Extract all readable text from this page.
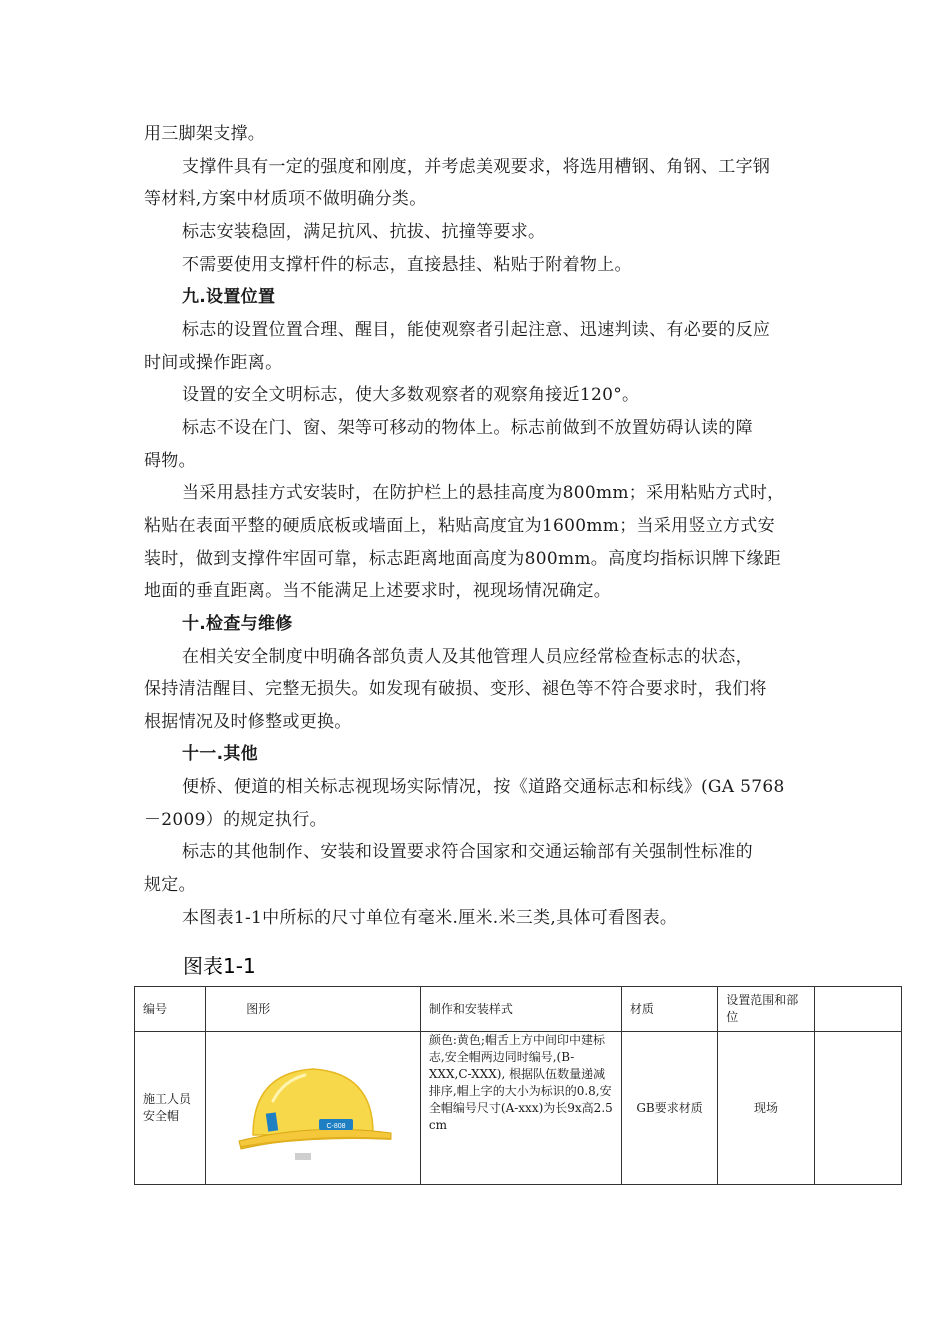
用三脚架支撑。
支撑件具有一定的强度和刚度，并考虑美观要求，将选用槽钢、角钢、工字钢
等材料,方案中材质项不做明确分类。
标志安装稳固，满足抗风、抗拔、抗撞等要求。
不需要使用支撑杆件的标志，直接悬挂、粘贴于附着物上。
九.设置位置
标志的设置位置合理、醒目，能使观察者引起注意、迅速判读、有必要的反应
时间或操作距离。
设置的安全文明标志，使大多数观察者的观察角接近120°。
标志不设在门、窗、架等可移动的物体上。标志前做到不放置妨碍认读的障
碍物。
当采用悬挂方式安装时，在防护栏上的悬挂高度为800mm；采用粘贴方式时，
粘贴在表面平整的硬质底板或墙面上，粘贴高度宜为1600mm；当采用竖立方式安
装时，做到支撑件牢固可靠，标志距离地面高度为800mm。高度均指标识牌下缘距
地面的垂直距离。当不能满足上述要求时，视现场情况确定。
十.检查与维修
在相关安全制度中明确各部负责人及其他管理人员应经常检查标志的状态，
保持清洁醒目、完整无损失。如发现有破损、变形、褪色等不符合要求时，我们将
根据情况及时修整或更换。
十一.其他
便桥、便道的相关标志视现场实际情况，按《道路交通标志和标线》(GA 5768
－2009）的规定执行。
标志的其他制作、安装和设置要求符合国家和交通运输部有关强制性标准的
规定。
本图表1-1中所标的尺寸单位有毫米.厘米.米三类,具体可看图表。
图表1-1
编号	图形	制作和安装样式	材质	设置范围和部位	
施工人员安全帽	C-808	颜色:黄色;帽舌上方中间印中建标志,安全帽两边同时编号,(B-XXX,C-XXX), 根据队伍数量递减排序,帽上字的大小为标识的0.8,安全帽编号尺寸(A-xxx)为长9x高2.5 cm	GB要求材质	现场	
